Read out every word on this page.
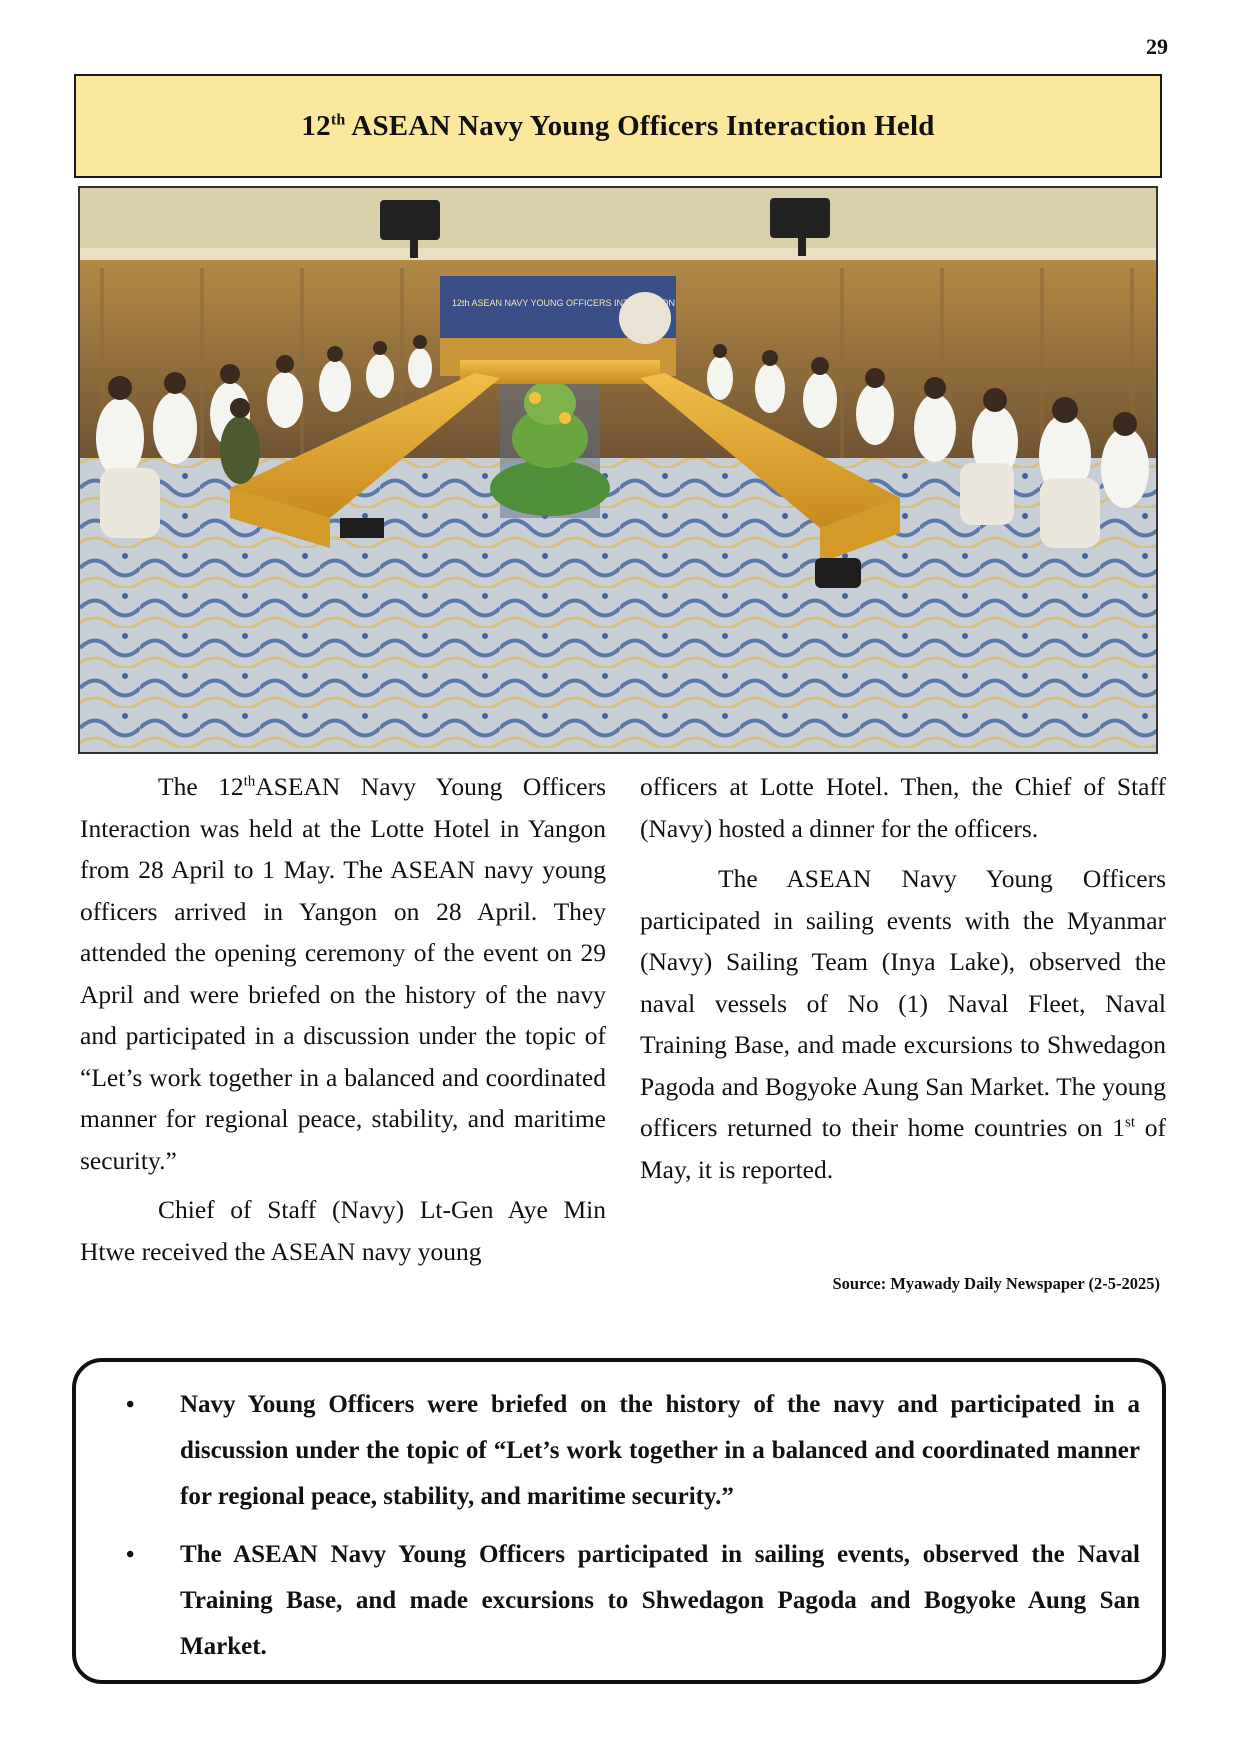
29
12th ASEAN Navy Young Officers Interaction Held
12th ASEAN NAVY YOUNG OFFICERS INTERACTION

The 12thASEAN Navy Young Officers Interaction was held at the Lotte Hotel in Yangon from 28 April to 1 May. The ASEAN navy young officers arrived in Yangon on 28 April. They attended the opening ceremony of the event on 29 April and were briefed on the history of the navy and participated in a discussion under the topic of “Let’s work together in a balanced and coordinated manner for regional peace, stability, and maritime security.”

Chief of Staff (Navy) Lt-Gen Aye Min Htwe received the ASEAN navy young

officers at Lotte Hotel. Then, the Chief of Staff (Navy) hosted a dinner for the officers.

The ASEAN Navy Young Officers participated in sailing events with the Myanmar (Navy) Sailing Team (Inya Lake), observed the naval vessels of No (1) Naval Fleet, Naval Training Base, and made excursions to Shwedagon Pagoda and Bogyoke Aung San Market. The young officers returned to their home countries on 1st of May, it is reported.

Source: Myawady Daily Newspaper (2-5-2025)
• Navy Young Officers were briefed on the history of the navy and participated in a discussion under the topic of “Let’s work together in a balanced and coordinated manner for regional peace, stability, and maritime security.”
• The ASEAN Navy Young Officers participated in sailing events, observed the Naval Training Base, and made excursions to Shwedagon Pagoda and Bogyoke Aung San Market.
